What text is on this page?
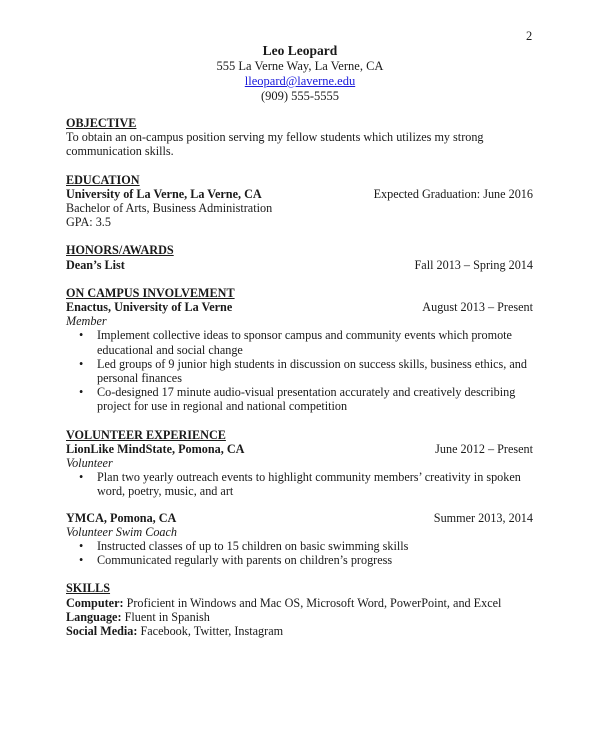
2
Leo Leopard
555 La Verne Way, La Verne, CA
lleopard@laverne.edu
(909) 555-5555
OBJECTIVE
To obtain an on-campus position serving my fellow students which utilizes my strong communication skills.
EDUCATION
University of La Verne, La Verne, CA	Expected Graduation: June 2016
Bachelor of Arts, Business Administration
GPA: 3.5
HONORS/AWARDS
Dean’s List	Fall 2013 – Spring 2014
ON CAMPUS INVOLVEMENT
Enactus, University of La Verne	August 2013 – Present
Member
• Implement collective ideas to sponsor campus and community events which promote educational and social change
• Led groups of 9 junior high students in discussion on success skills, business ethics, and personal finances
• Co-designed 17 minute audio-visual presentation accurately and creatively describing project for use in regional and national competition
VOLUNTEER EXPERIENCE
LionLike MindState, Pomona, CA	June 2012 – Present
Volunteer
• Plan two yearly outreach events to highlight community members’ creativity in spoken word, poetry, music, and art
YMCA, Pomona, CA	Summer 2013, 2014
Volunteer Swim Coach
• Instructed classes of up to 15 children on basic swimming skills
• Communicated regularly with parents on children’s progress
SKILLS
Computer: Proficient in Windows and Mac OS, Microsoft Word, PowerPoint, and Excel
Language: Fluent in Spanish
Social Media: Facebook, Twitter, Instagram
